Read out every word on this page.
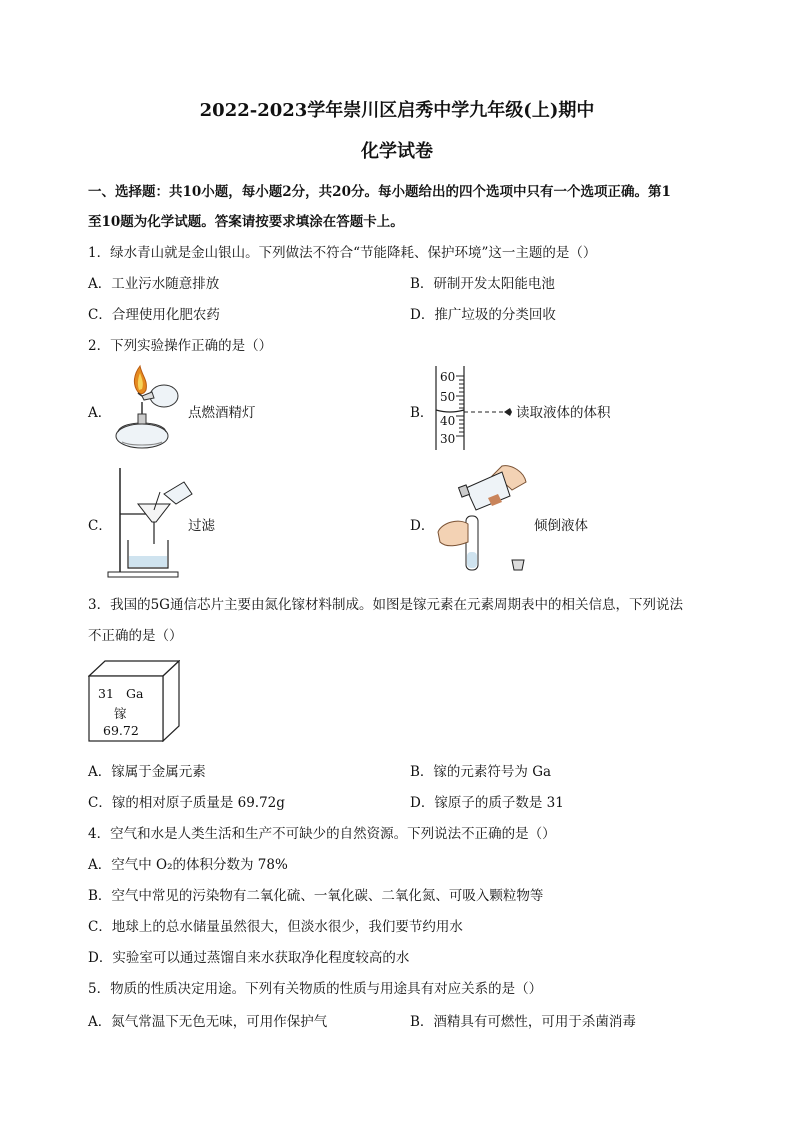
2022-2023学年崇川区启秀中学九年级(上)期中
化学试卷
一、选择题：共10小题，每小题2分，共20分。每小题给出的四个选项中只有一个选项正确。第1
至10题为化学试题。答案请按要求填涂在答题卡上。
1．绿水青山就是金山银山。下列做法不符合“节能降耗、保护环境”这一主题的是（）
A．工业污水随意排放	B．研制开发太阳能电池
C．合理使用化肥农药	D．推广垃圾的分类回收
2．下列实验操作正确的是（）
A．	点燃酒精灯	B．
60
50
40
30
读取液体的体积
C．	过滤	D．	倾倒液体
3．我国的5G通信芯片主要由氮化镓材料制成。如图是镓元素在元素周期表中的相关信息，下列说法
不正确的是（）
31 Ga
镓
69.72
A．镓属于金属元素	B．镓的元素符号为 Ga
C．镓的相对原子质量是 69.72g	D．镓原子的质子数是 31
4．空气和水是人类生活和生产不可缺少的自然资源。下列说法不正确的是（）
A．空气中 O₂的体积分数为 78%
B．空气中常见的污染物有二氧化硫、一氧化碳、二氧化氮、可吸入颗粒物等
C．地球上的总水储量虽然很大，但淡水很少，我们要节约用水
D．实验室可以通过蒸馏自来水获取净化程度较高的水
5．物质的性质决定用途。下列有关物质的性质与用途具有对应关系的是（）
A．氮气常温下无色无味，可用作保护气	B．酒精具有可燃性，可用于杀菌消毒
